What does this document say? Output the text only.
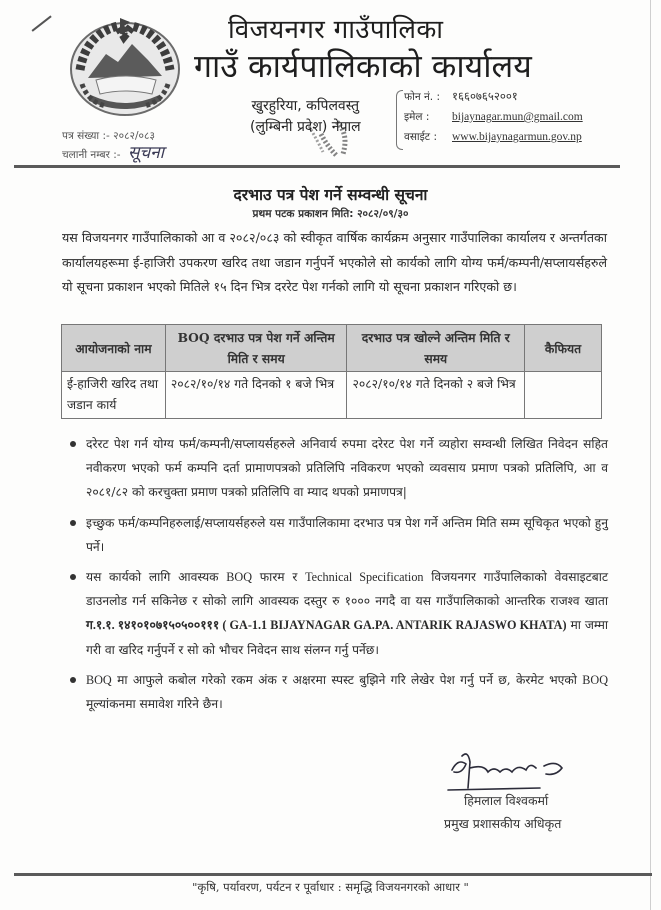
विजयनगर गाउँपालिका
गाउँ कार्यपालिकाको कार्यालय
खुरहुरिया, कपिलवस्तु
(लुम्बिनी प्रदेश) नेपाल
फोन नं. : १६६०७६५२००१
इमेल : bijaynagar.mun@gmail.com
वसाईट : www.bijaynagarmun.gov.np
पत्र संख्या :- २०८२/०८३
चलानी नम्बर :- सूचना
दरभाउ पत्र पेश गर्ने सम्वन्धी सूचना
प्रथम पटक प्रकाशन मिति: २०८२/०९/३०
यस विजयनगर गाउँपालिकाको आ व २०८२/०८३ को स्वीकृत वार्षिक कार्यक्रम अनुसार गाउँपालिका कार्यालय र अन्तर्गतका कार्यालयहरूमा ई-हाजिरी उपकरण खरिद तथा जडान गर्नुपर्ने भएकोले सो कार्यको लागि योग्य फर्म/कम्पनी/सप्लायर्सहरुले यो सूचना प्रकाशन भएको मितिले १५ दिन भित्र दररेट पेश गर्नको लागि यो सूचना प्रकाशन गरिएको छ।
आयोजनाको नाम	BOQ दरभाउ पत्र पेश गर्ने अन्तिम मिति र समय	दरभाउ पत्र खोल्ने अन्तिम मिति र समय	कैफियत
ई-हाजिरी खरिद तथा जडान कार्य	२०८२/१०/१४ गते दिनको १ बजे भित्र	२०८२/१०/१४ गते दिनको २ बजे भित्र	
दरेरट पेश गर्न योग्य फर्म/कम्पनी/सप्लायर्सहरुले अनिवार्य रुपमा दरेरट पेश गर्ने व्यहोरा सम्वन्धी लिखित निवेदन सहित नवीकरण भएको फर्म कम्पनि दर्ता प्रामाणपत्रको प्रतिलिपि नविकरण भएको व्यवसाय प्रमाण पत्रको प्रतिलिपि, आ व २०८१/८२ को करचुक्ता प्रमाण पत्रको प्रतिलिपि वा म्याद थपको प्रमाणपत्र|
इच्छुक फर्म/कम्पनिहरुलाई/सप्लायर्सहरुले यस गाउँपालिकामा दरभाउ पत्र पेश गर्ने अन्तिम मिति सम्म सूचिकृत भएको हुनु पर्ने।
यस कार्यको लागि आवस्यक BOQ फारम र Technical Specification विजयनगर गाउँपालिकाको वेवसाइटबाट डाउनलोड गर्न सकिनेछ र सोको लागि आवस्यक दस्तुर रु १००० नगदै वा यस गाउँपालिकाको आन्तरिक राजश्व खाता ग.१.१. १४१०१०७१५०५००१११ ( GA-1.1 BIJAYNAGAR GA.PA. ANTARIK RAJASWO KHATA) मा जम्मा गरी वा खरिद गर्नुपर्ने र सो को भौचर निवेदन साथ संलग्न गर्नु पर्नेछ।
BOQ मा आफुले कबोल गरेको रकम अंक र अक्षरमा स्पस्ट बुझिने गरि लेखेर पेश गर्नु पर्ने छ, केरमेट भएको BOQ मूल्यांकनमा समावेश गरिने छैन।
हिमलाल विश्वकर्मा
प्रमुख प्रशासकीय अधिकृत
"कृषि, पर्यावरण, पर्यटन र पूर्वाधार : समृद्धि विजयनगरको आधार "
